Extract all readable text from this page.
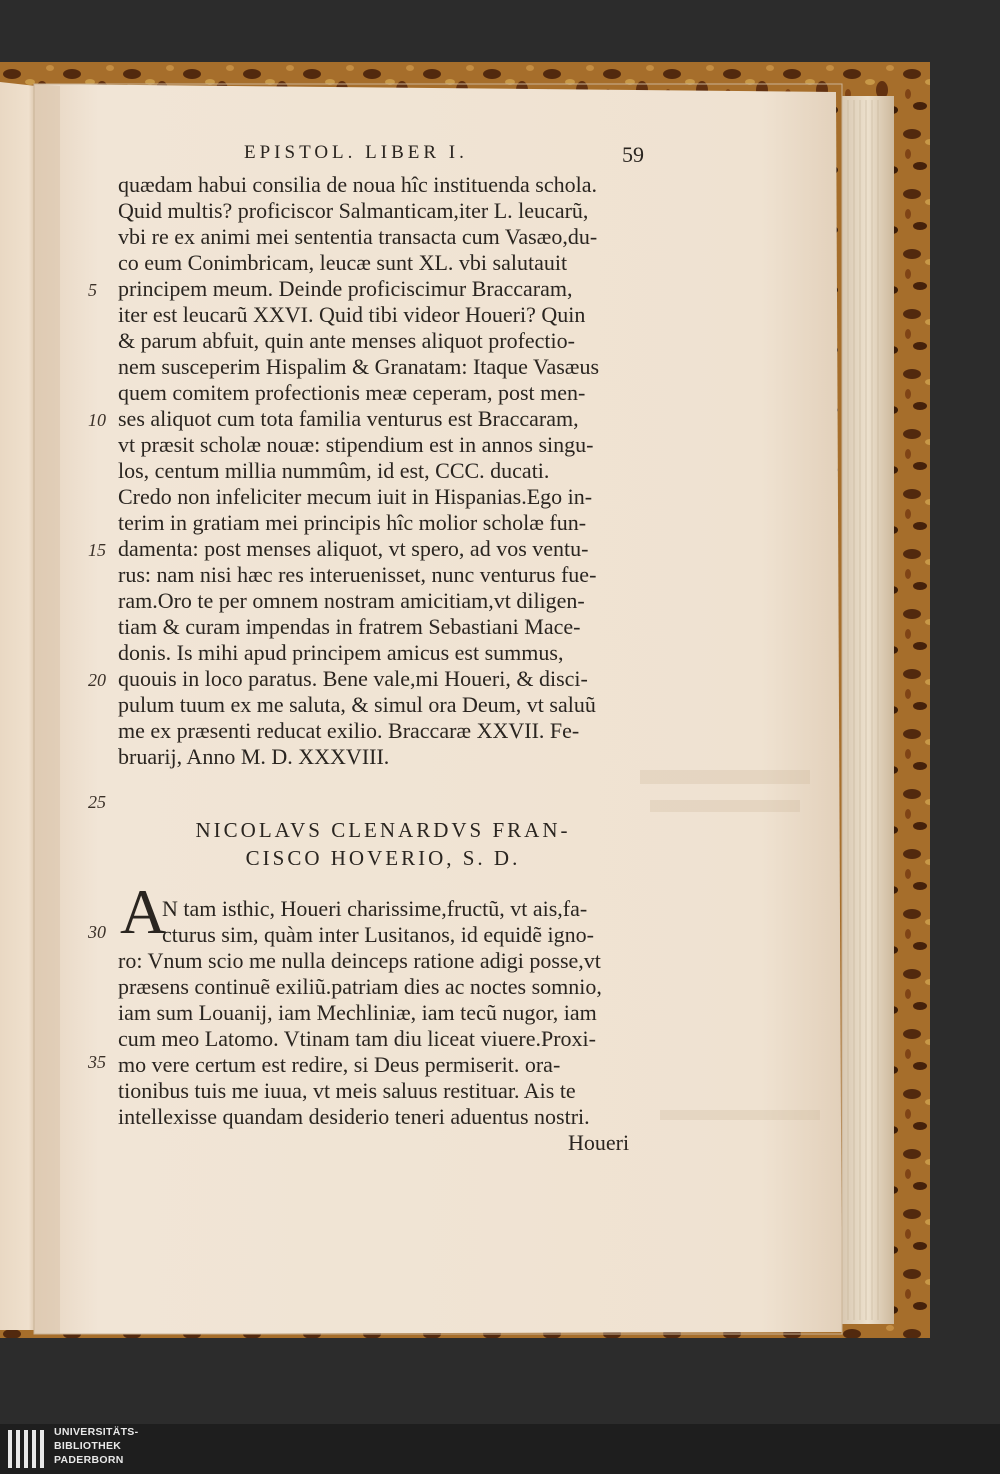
EPISTOL. LIBER I.	59
quædam habui consilia de noua hîc instituenda schola.
Quid multis? proficiscor Salmanticam,iter L. leucarũ,
vbi re ex animi mei sententia transacta cum Vasæo,du-
co eum Conimbricam, leucæ sunt XL. vbi salutauit
principem meum. Deinde proficiscimur Braccaram,
iter est leucarũ XXVI. Quid tibi videor Houeri? Quin
& parum abfuit, quin ante menses aliquot profectio-
nem susceperim Hispalim & Granatam: Itaque Vasæus
quem comitem profectionis meæ ceperam, post men-
ses aliquot cum tota familia venturus est Braccaram,
vt præsit scholæ nouæ: stipendium est in annos singu-
los, centum millia nummûm, id est, CCC. ducati.
Credo non infeliciter mecum iuit in Hispanias.Ego in-
terim in gratiam mei principis hîc molior scholæ fun-
damenta: post menses aliquot, vt spero, ad vos ventu-
rus: nam nisi hæc res interuenisset, nunc venturus fue-
ram.Oro te per omnem nostram amicitiam,vt diligen-
tiam & curam impendas in fratrem Sebastiani Mace-
donis. Is mihi apud principem amicus est summus,
quouis in loco paratus. Bene vale,mi Houeri, & disci-
pulum tuum ex me saluta, & simul ora Deum, vt saluũ
me ex præsenti reducat exilio. Braccaræ XXVII. Fe-
bruarij, Anno M. D. XXXVIII.
5
10
15
20
25
NICOLAVS CLENARDVS FRAN-
CISCO HOVERIO, S. D.
A
N tam isthic, Houeri charissime,fructũ, vt ais,fa-
cturus sim, quàm inter Lusitanos, id equidẽ igno-
ro: Vnum scio me nulla deinceps ratione adigi posse,vt
præsens continuẽ exiliũ.patriam dies ac noctes somnio,
iam sum Louanij, iam Mechliniæ, iam tecũ nugor, iam
cum meo Latomo. Vtinam tam diu liceat viuere.Proxi-
mo vere certum est redire, si Deus permiserit. ora-
tionibus tuis me iuua, vt meis saluus restituar. Ais te
intellexisse quandam desiderio teneri aduentus nostri.
Houeri
30
35
UNIVERSITÄTS-
BIBLIOTHEK
PADERBORN
